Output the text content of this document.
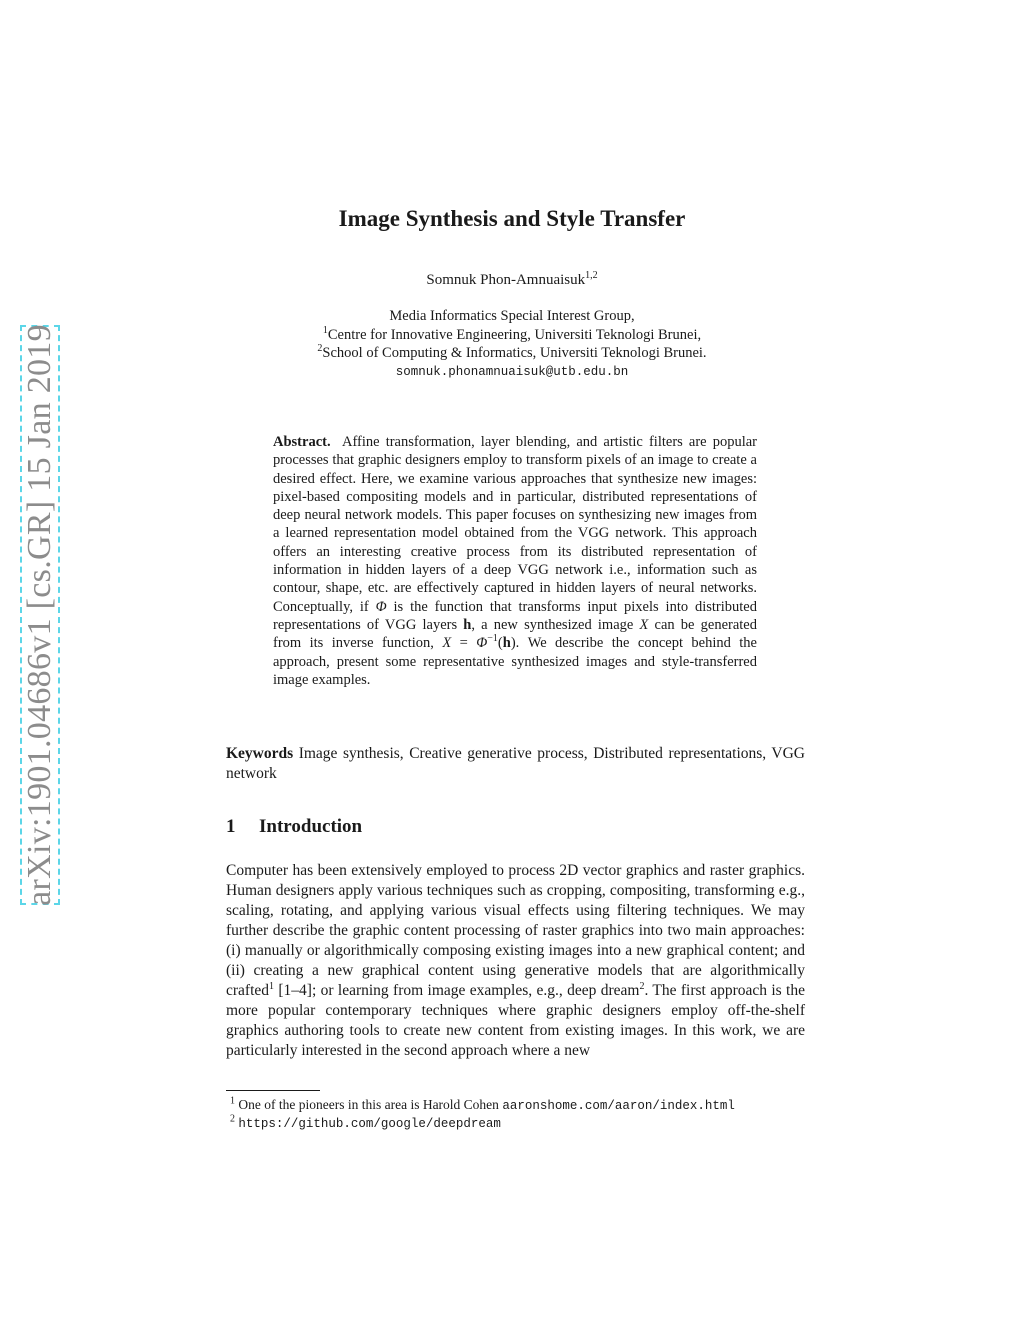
arXiv:1901.04686v1 [cs.GR] 15 Jan 2019
Image Synthesis and Style Transfer
Somnuk Phon-Amnuaisuk$^{1,2}$
Media Informatics Special Interest Group,
$^1$Centre for Innovative Engineering, Universiti Teknologi Brunei,
$^2$School of Computing & Informatics, Universiti Teknologi Brunei.
somnuk.phonamnuaisuk@utb.edu.bn

Abstract. Affine transformation, layer blending, and artistic filters are popular processes that graphic designers employ to transform pixels of an image to create a desired effect. Here, we examine various approaches that synthesize new images: pixel-based compositing models and in particular, distributed representations of deep neural network models. This paper focuses on synthesizing new images from a learned representation model obtained from the VGG network. This approach offers an interesting creative process from its distributed representation of information in hidden layers of a deep VGG network i.e., information such as contour, shape, etc. are effectively captured in hidden layers of neural networks. Conceptually, if Φ is the function that transforms input pixels into distributed representations of VGG layers h, a new synthesized image X can be generated from its inverse function, $X = \Phi^{-1}(h)$. We describe the concept behind the approach, present some representative synthesized images and style-transferred image examples.

Keywords Image synthesis, Creative generative process, Distributed representations, VGG network

1 Introduction

Computer has been extensively employed to process 2D vector graphics and raster graphics. Human designers apply various techniques such as cropping, compositing, transforming e.g., scaling, rotating, and applying various visual effects using filtering techniques. We may further describe the graphic content processing of raster graphics into two main approaches: (i) manually or algorithmically composing existing images into a new graphical content; and (ii) creating a new graphical content using generative models that are algorithmically crafted$^1$ [1–4]; or learning from image examples, e.g., deep dream$^2$. The first approach is the more popular contemporary techniques where graphic designers employ off-the-shelf graphics authoring tools to create new content from existing images. In this work, we are particularly interested in the second approach where a new

$^1$ One of the pioneers in this area is Harold Cohen aaronshome.com/aaron/index.html
$^2$ https://github.com/google/deepdream
